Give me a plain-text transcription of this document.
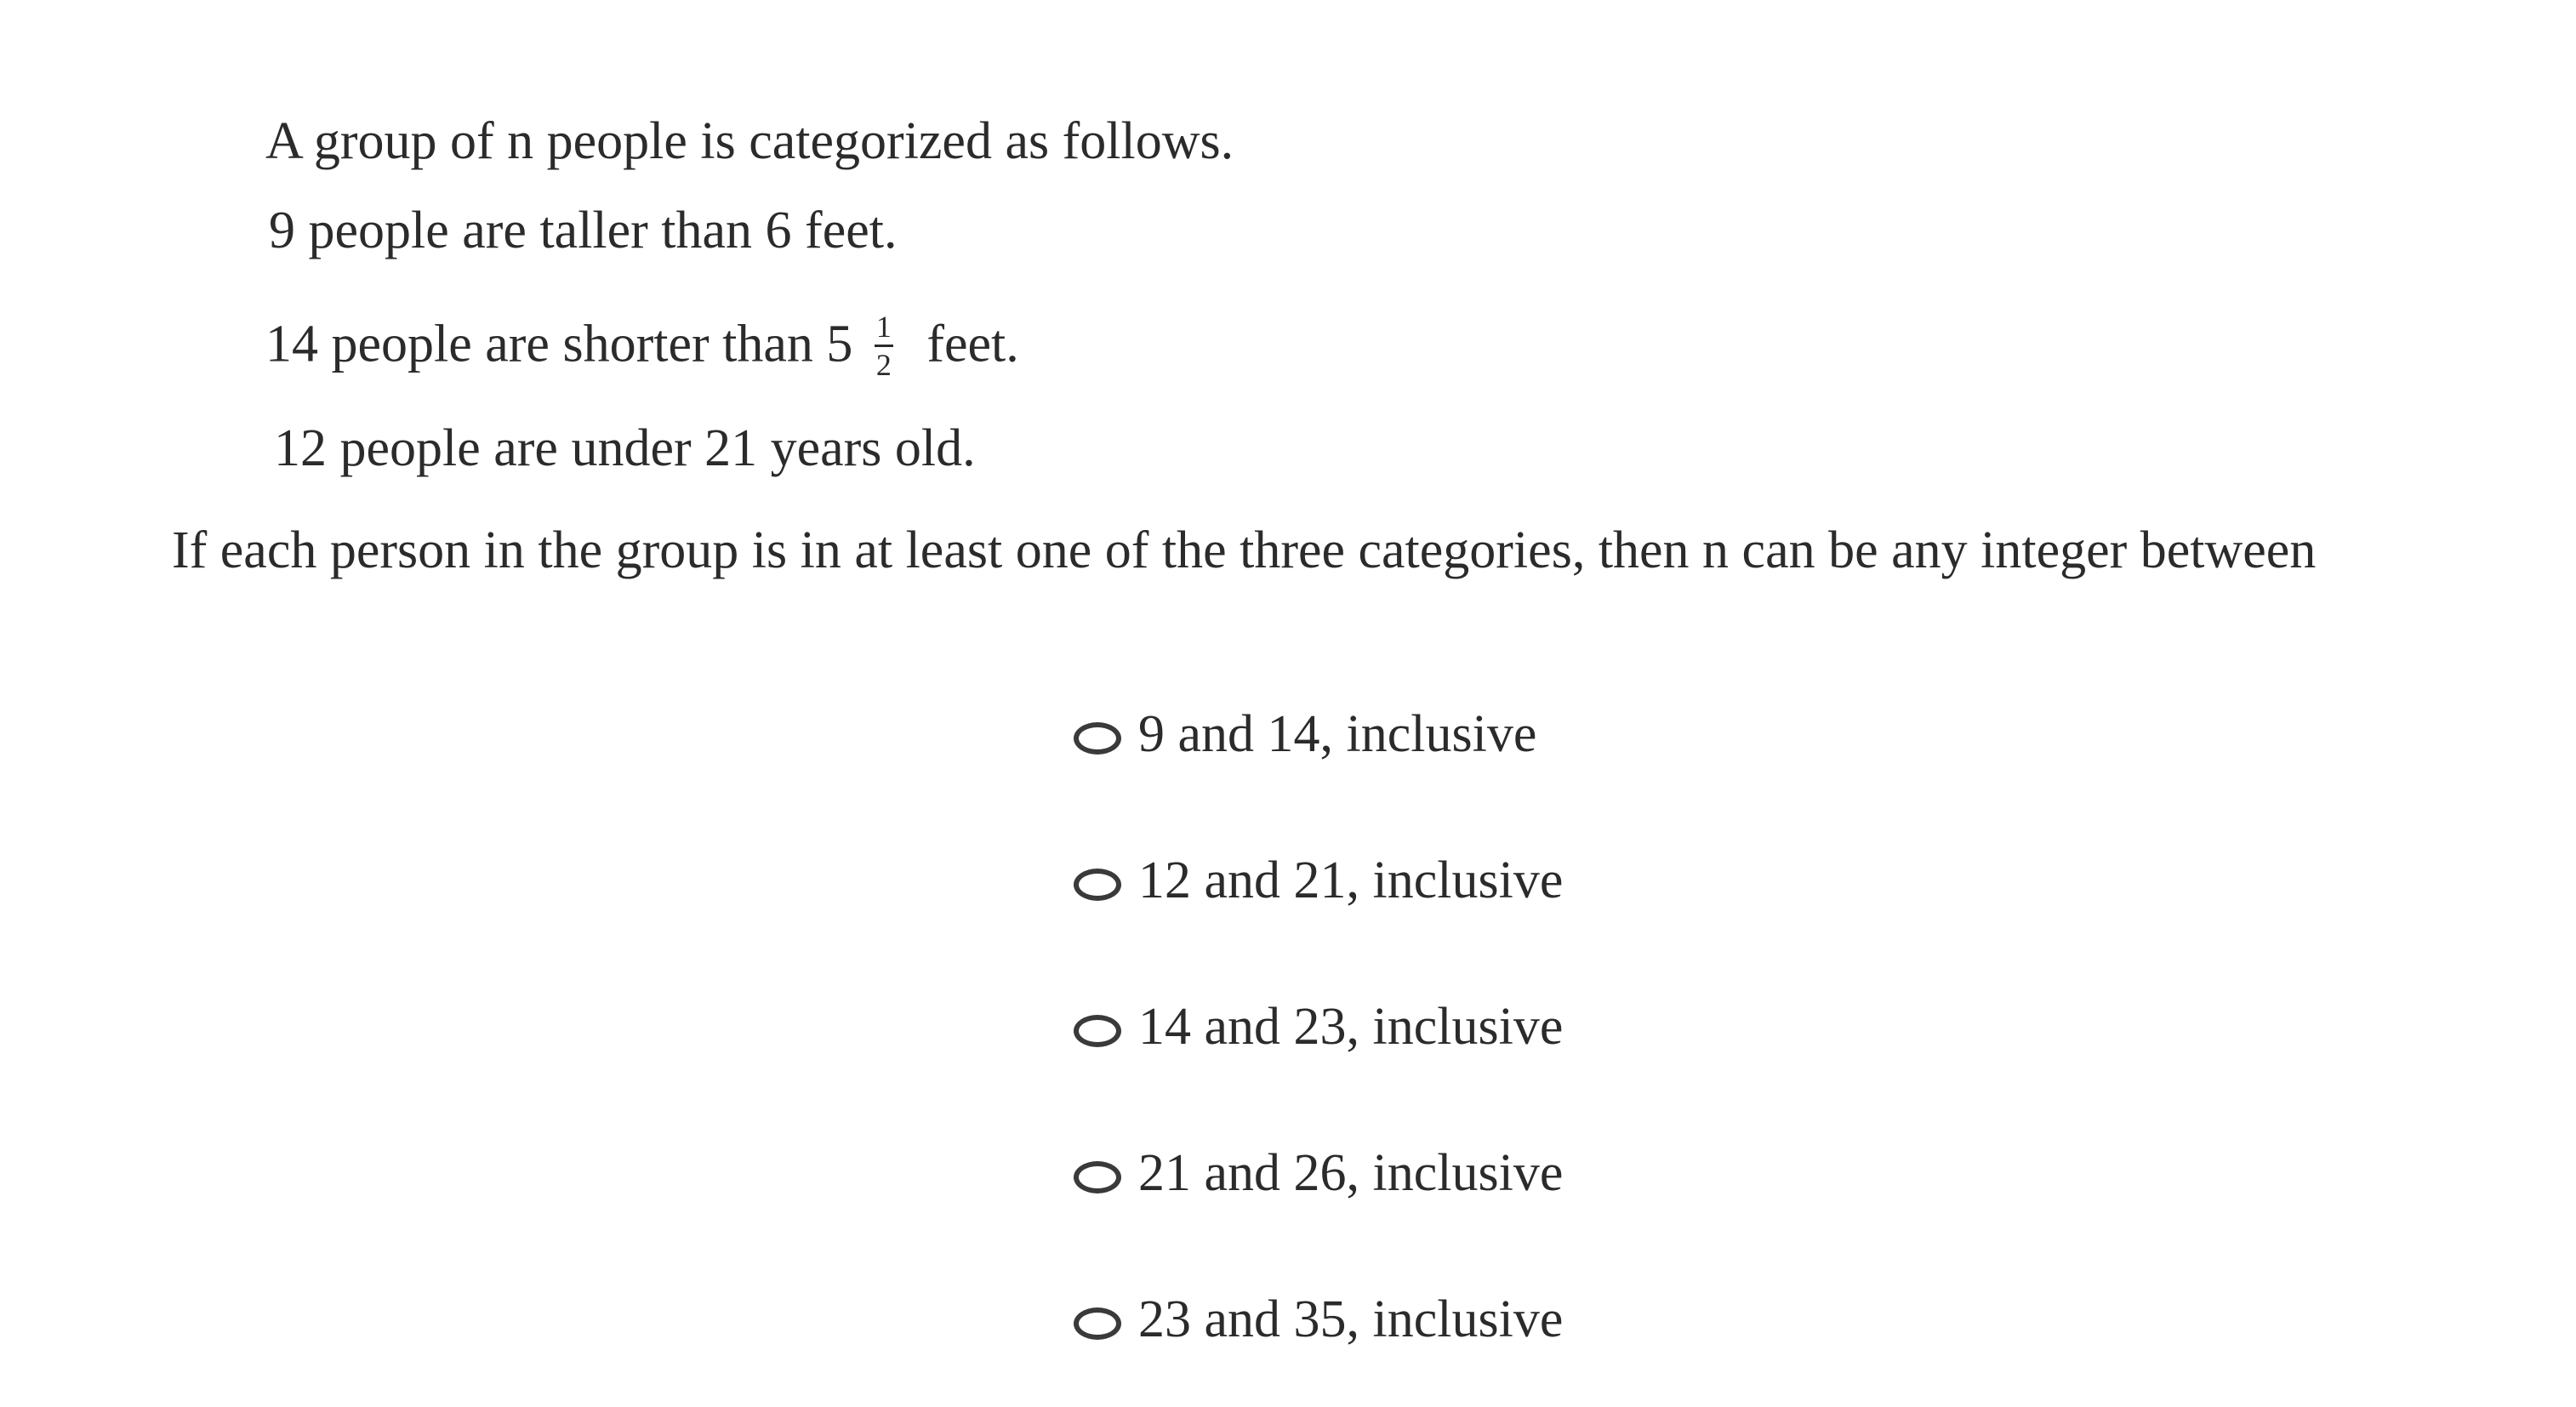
A group of n people is categorized as follows.
9 people are taller than 6 feet.
14 people are shorter than $5 \frac{1}{2}$ feet.
12 people are under 21 years old.
If each person in the group is in at least one of the three categories, then n can be any integer between
9 and 14, inclusive
12 and 21, inclusive
14 and 23, inclusive
21 and 26, inclusive
23 and 35, inclusive
